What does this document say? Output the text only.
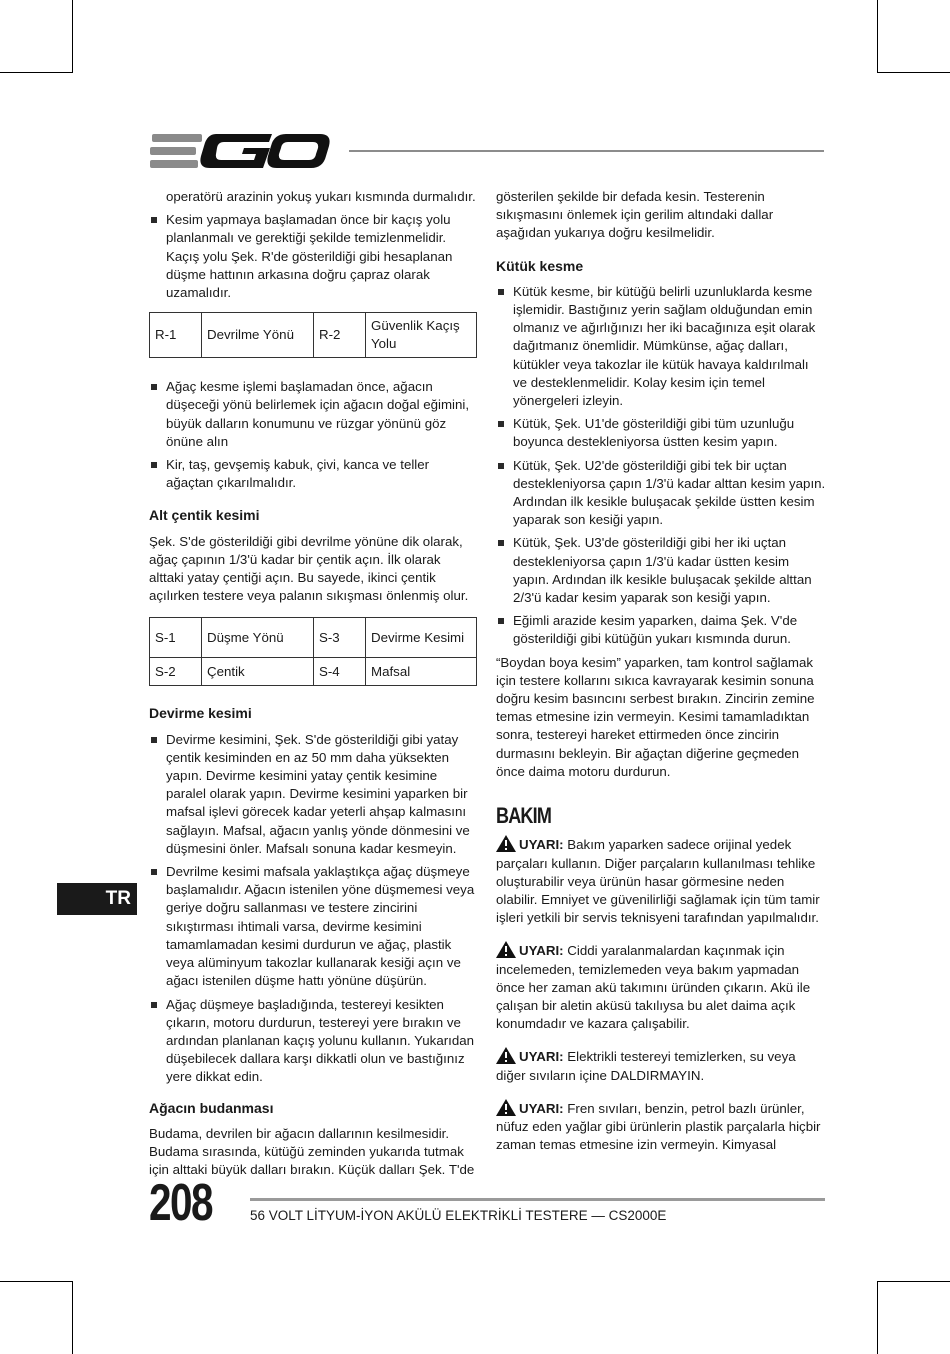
operatörü arazinin yokuş yukarı kısmında durmalıdır.
Kesim yapmaya başlamadan önce bir kaçış yolu planlanmalı ve gerektiği şekilde temizlenmelidir. Kaçış yolu Şek. R'de gösterildiği gibi hesaplanan düşme hattının arkasına doğru çapraz olarak uzamalıdır.
R-1	Devrilme Yönü	R-2	Güvenlik Kaçış Yolu
Ağaç kesme işlemi başlamadan önce, ağacın düşeceği yönü belirlemek için ağacın doğal eğimini, büyük dalların konumunu ve rüzgar yönünü göz önüne alın
Kir, taş, gevşemiş kabuk, çivi, kanca ve teller ağaçtan çıkarılmalıdır.
Alt çentik kesimi
Şek. S'de gösterildiği gibi devrilme yönüne dik olarak, ağaç çapının 1/3'ü kadar bir çentik açın. İlk olarak alttaki yatay çentiği açın. Bu sayede, ikinci çentik açılırken testere veya palanın sıkışması önlenmiş olur.
S-1	Düşme Yönü	S-3	Devirme Kesimi
S-2	Çentik	S-4	Mafsal
Devirme kesimi
Devirme kesimini, Şek. S'de gösterildiği gibi yatay çentik kesiminden en az 50 mm daha yüksekten yapın. Devirme kesimini yatay çentik kesimine paralel olarak yapın. Devirme kesimini yaparken bir mafsal işlevi görecek kadar yeterli ahşap kalmasını sağlayın. Mafsal, ağacın yanlış yönde dönmesini ve düşmesini önler. Mafsalı sonuna kadar kesmeyin.
Devrilme kesimi mafsala yaklaştıkça ağaç düşmeye başlamalıdır. Ağacın istenilen yöne düşmemesi veya geriye doğru sallanması ve testere zincirini sıkıştırması ihtimali varsa, devirme kesimini tamamlamadan kesimi durdurun ve ağaç, plastik veya alüminyum takozlar kullanarak kesiği açın ve ağacı istenilen düşme hattı yönüne düşürün.
Ağaç düşmeye başladığında, testereyi kesikten çıkarın, motoru durdurun, testereyi yere bırakın ve ardından planlanan kaçış yolunu kullanın. Yukarıdan düşebilecek dallara karşı dikkatli olun ve bastığınız yere dikkat edin.
Ağacın budanması
Budama, devrilen bir ağacın dallarının kesilmesidir. Budama sırasında, kütüğü zeminden yukarıda tutmak için alttaki büyük dalları bırakın. Küçük dalları Şek. T'de
gösterilen şekilde bir defada kesin. Testerenin sıkışmasını önlemek için gerilim altındaki dallar aşağıdan yukarıya doğru kesilmelidir.
Kütük kesme
Kütük kesme, bir kütüğü belirli uzunluklarda kesme işlemidir. Bastığınız yerin sağlam olduğundan emin olmanız ve ağırlığınızı her iki bacağınıza eşit olarak dağıtmanız önemlidir. Mümkünse, ağaç dalları, kütükler veya takozlar ile kütük havaya kaldırılmalı ve desteklenmelidir. Kolay kesim için temel yönergeleri izleyin.
Kütük, Şek. U1'de gösterildiği gibi tüm uzunluğu boyunca destekleniyorsa üstten kesim yapın.
Kütük, Şek. U2'de gösterildiği gibi tek bir uçtan destekleniyorsa çapın 1/3'ü kadar alttan kesim yapın. Ardından ilk kesikle buluşacak şekilde üstten kesim yaparak son kesiği yapın.
Kütük, Şek. U3'de gösterildiği gibi her iki uçtan destekleniyorsa çapın 1/3'ü kadar üstten kesim yapın. Ardından ilk kesikle buluşacak şekilde alttan 2/3'ü kadar kesim yaparak son kesiği yapın.
Eğimli arazide kesim yaparken, daima Şek. V'de gösterildiği gibi kütüğün yukarı kısmında durun.
“Boydan boya kesim” yaparken, tam kontrol sağlamak için testere kollarını sıkıca kavrayarak kesimin sonuna doğru kesim basıncını serbest bırakın. Zincirin zemine temas etmesine izin vermeyin. Kesimi tamamladıktan sonra, testereyi hareket ettirmeden önce zincirin durmasını bekleyin. Bir ağaçtan diğerine geçmeden önce daima motoru durdurun.
BAKIM
UYARI: Bakım yaparken sadece orijinal yedek parçaları kullanın. Diğer parçaların kullanılması tehlike oluşturabilir veya ürünün hasar görmesine neden olabilir. Emniyet ve güvenilirliği sağlamak için tüm tamir işleri yetkili bir servis teknisyeni tarafından yapılmalıdır.
UYARI: Ciddi yaralanmalardan kaçınmak için incelemeden, temizlemeden veya bakım yapmadan önce her zaman akü takımını üründen çıkarın. Akü ile çalışan bir aletin aküsü takılıysa bu alet daima açık konumdadır ve kazara çalışabilir.
UYARI: Elektrikli testereyi temizlerken, su veya diğer sıvıların içine DALDIRMAYIN.
UYARI: Fren sıvıları, benzin, petrol bazlı ürünler, nüfuz eden yağlar gibi ürünlerin plastik parçalarla hiçbir zaman temas etmesine izin vermeyin. Kimyasal
TR
208	56 VOLT LİTYUM-İYON AKÜLÜ ELEKTRİKLİ TESTERE — CS2000E
